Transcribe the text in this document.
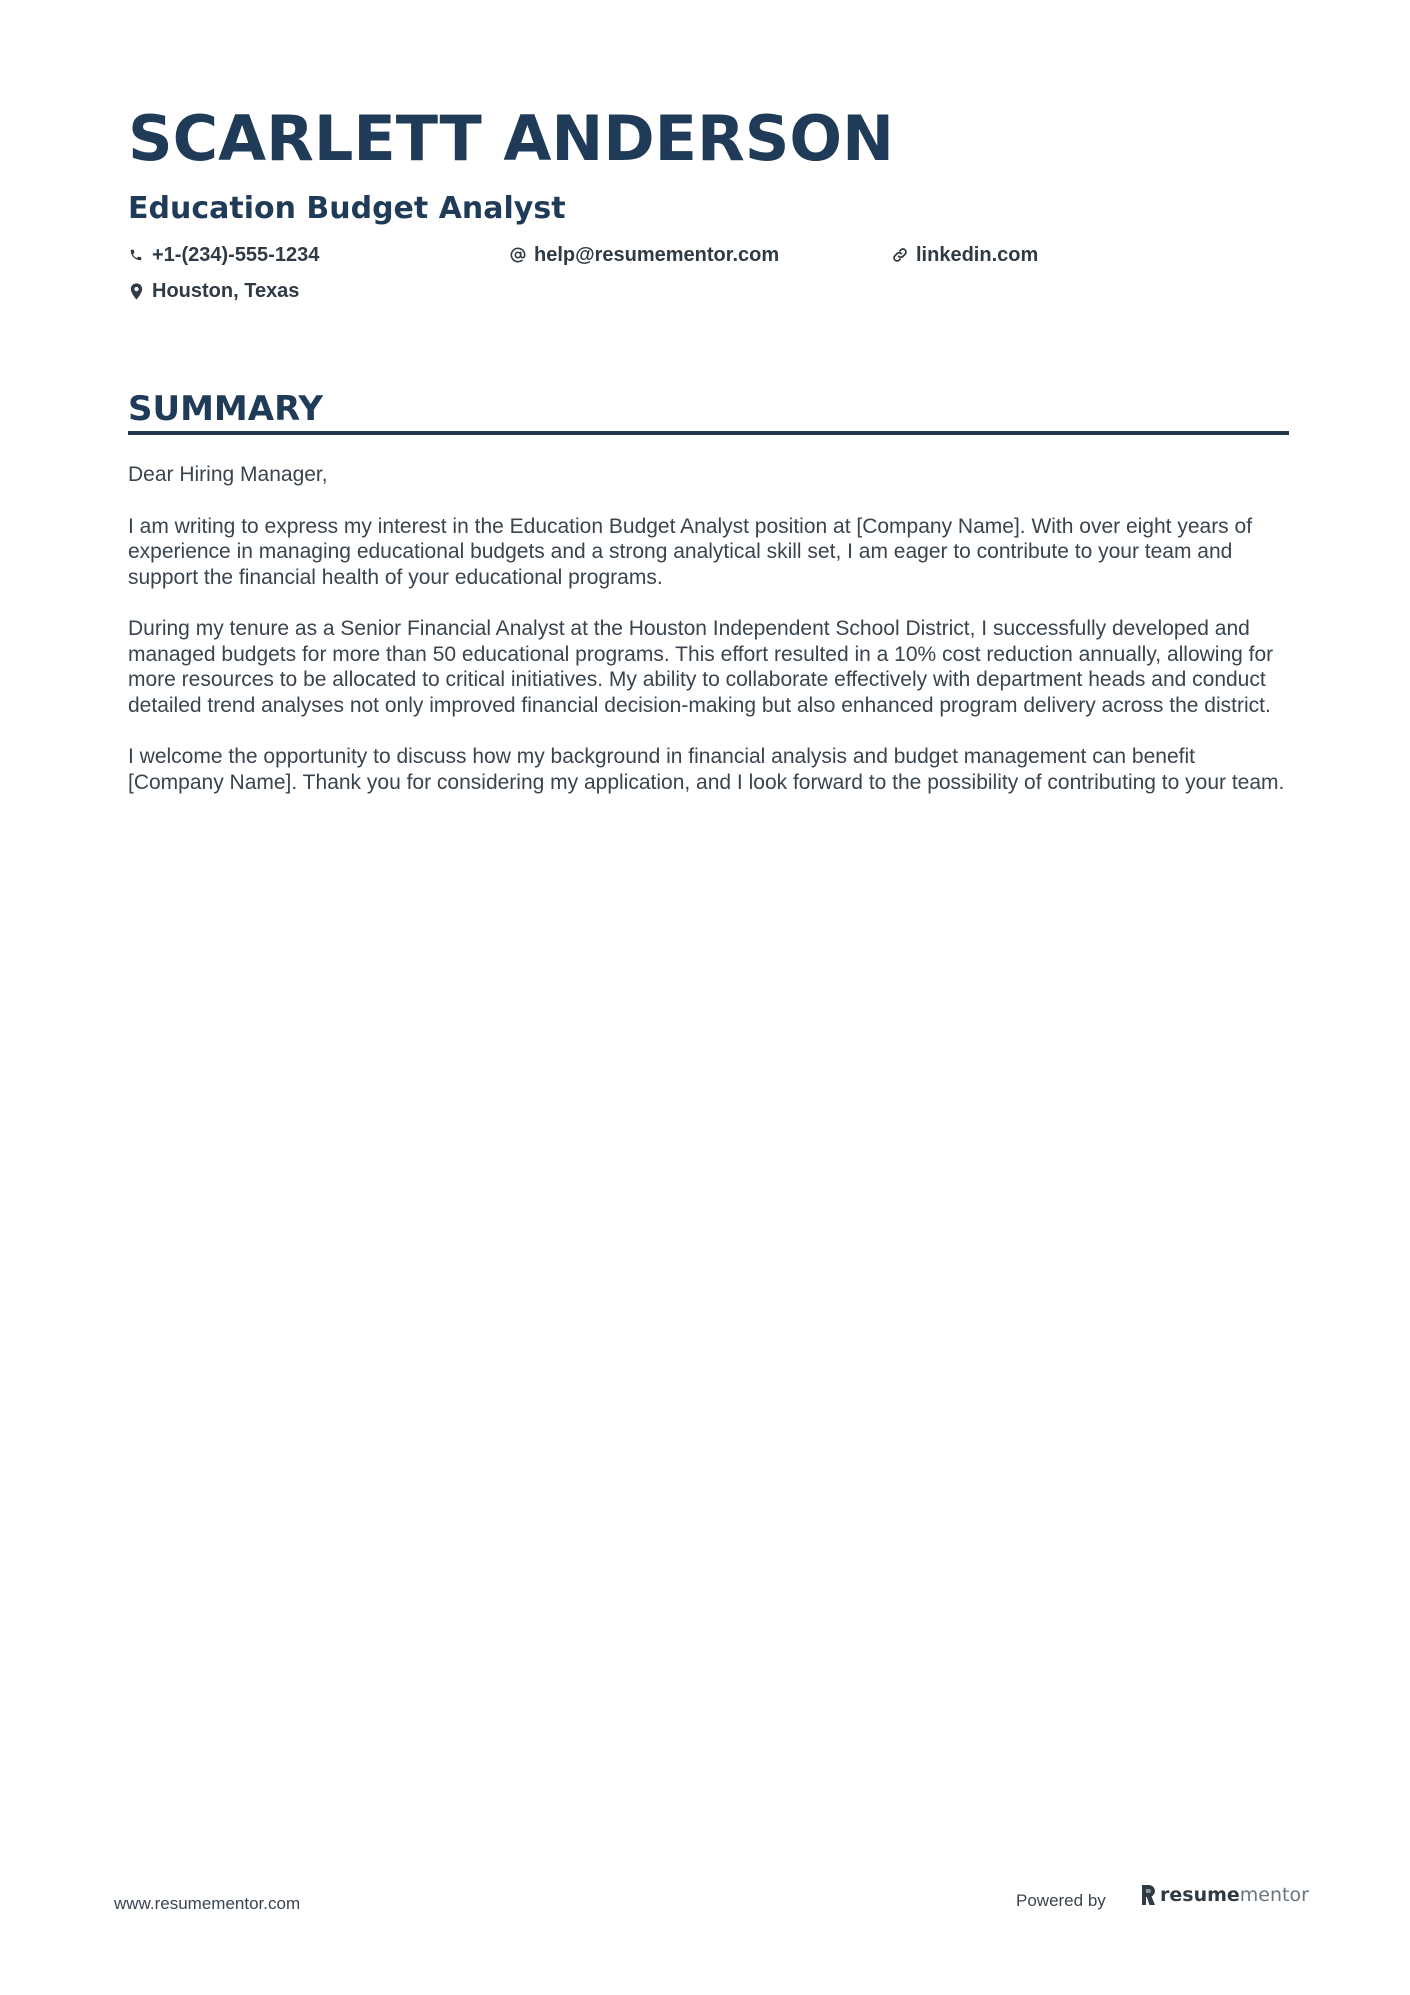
SCARLETT ANDERSON
Education Budget Analyst
+1-(234)-555-1234	help@resumementor.com	linkedin.com
Houston, Texas
SUMMARY

Dear Hiring Manager,

I am writing to express my interest in the Education Budget Analyst position at [Company Name]. With over eight years of experience in managing educational budgets and a strong analytical skill set, I am eager to contribute to your team and support the financial health of your educational programs.

During my tenure as a Senior Financial Analyst at the Houston Independent School District, I successfully developed and managed budgets for more than 50 educational programs. This effort resulted in a 10% cost reduction annually, allowing for more resources to be allocated to critical initiatives. My ability to collaborate effectively with department heads and conduct detailed trend analyses not only improved financial decision-making but also enhanced program delivery across the district.

I welcome the opportunity to discuss how my background in financial analysis and budget management can benefit [Company Name]. Thank you for considering my application, and I look forward to the possibility of contributing to your team.

www.resumementor.com	Powered by	resume mentor
